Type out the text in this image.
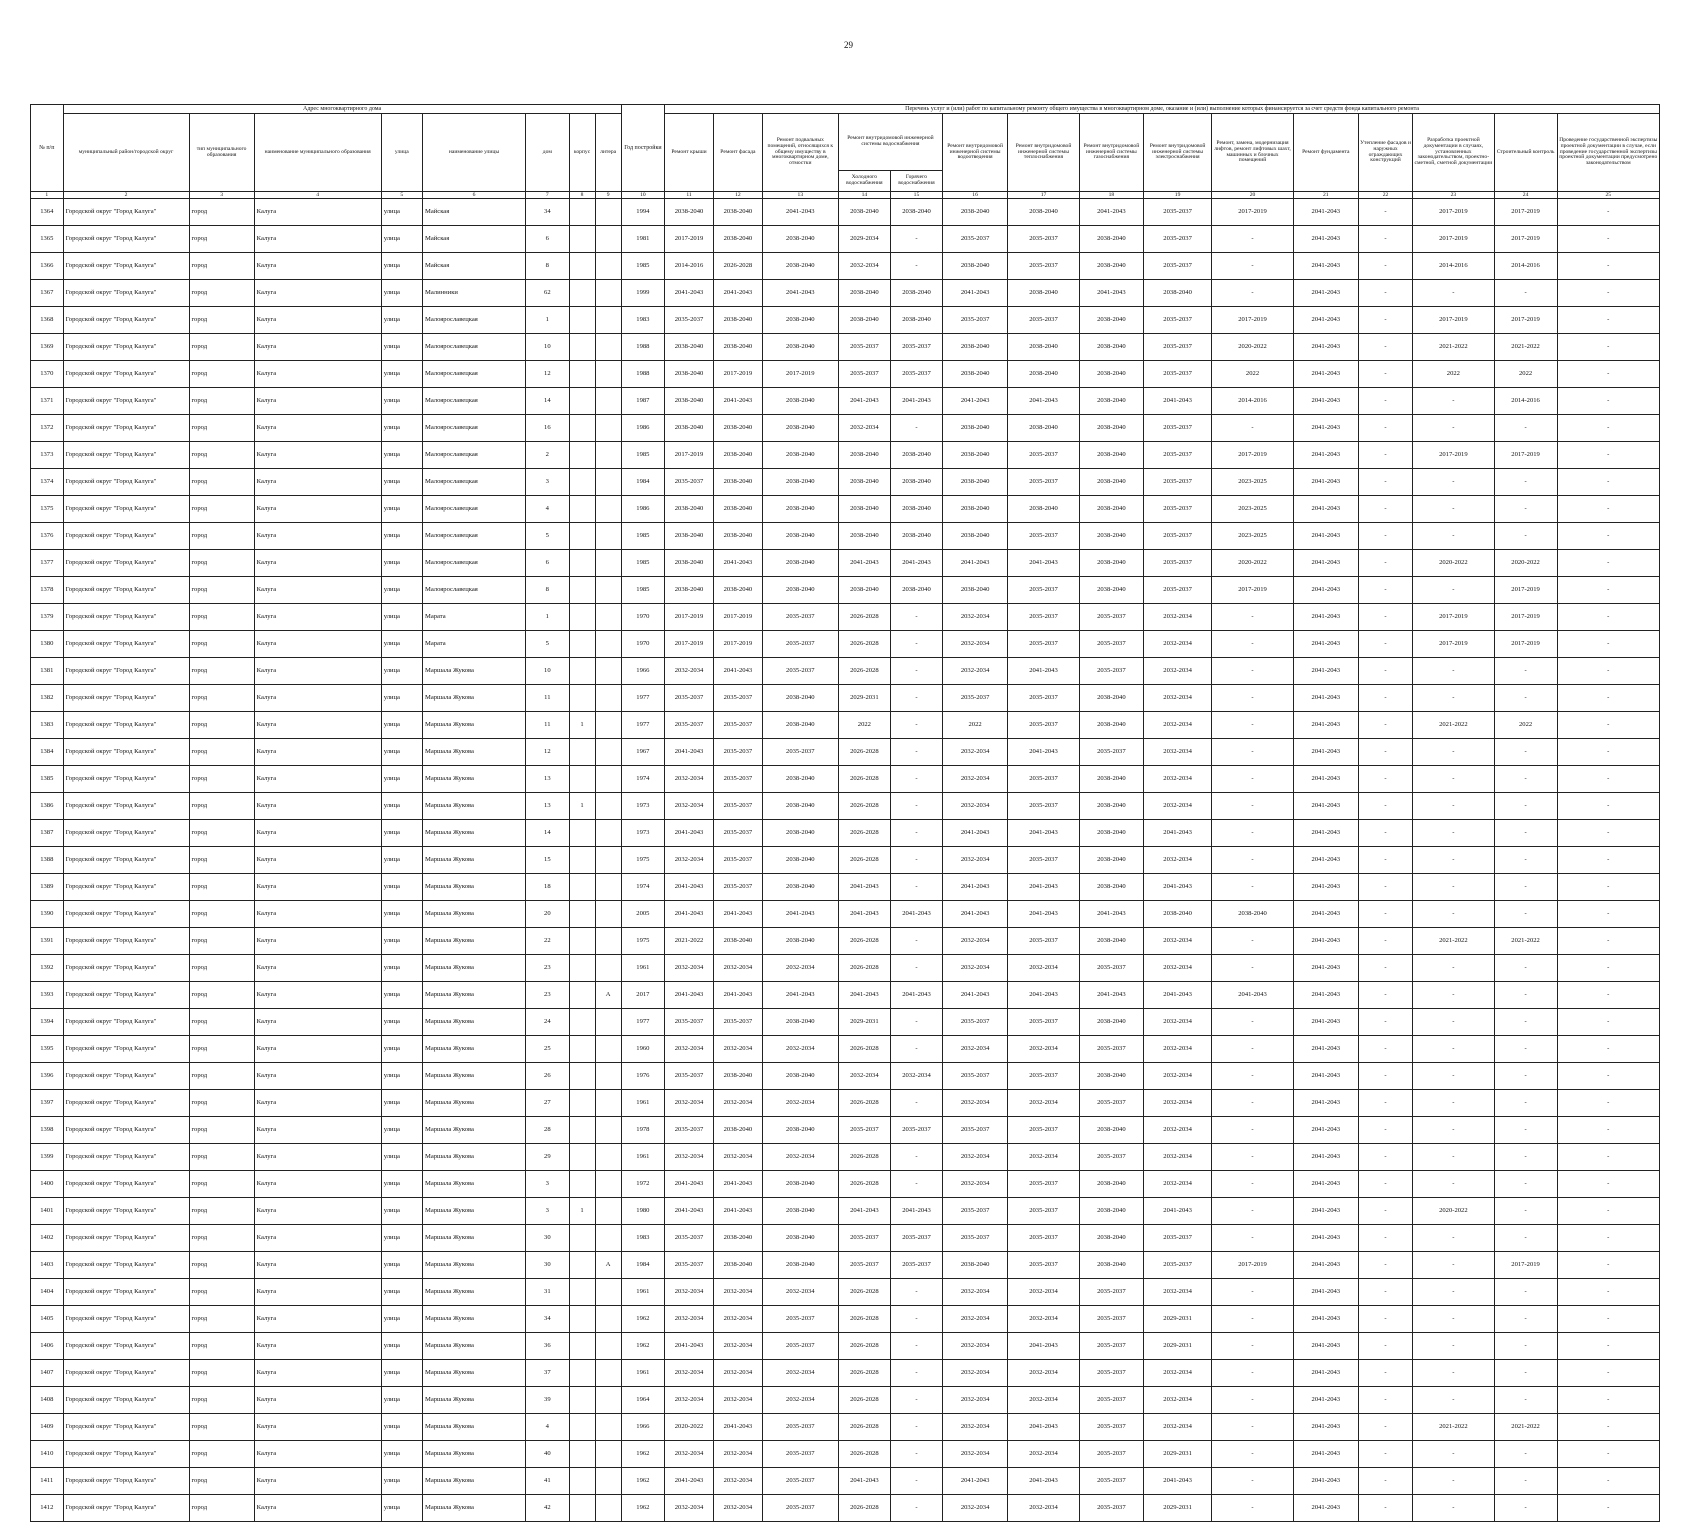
29
№ п/п	Адрес многоквартирного дома								Год постройки	Перечень услуг и (или) работ по капитальному ремонту общего имущества в многоквартирном доме, оказание и (или) выполнение которых финансируется за счет средств фонда капитального ремонта														
	муниципальный район/городской округ	тип муниципального образования	наименование муниципального образования	улица	наименование улицы	дом	корпус	литера		Ремонт крыши	Ремонт фасада	Ремонт подвальных помещений, относящихся к общему имуществу в многоквартирном доме, отмостки	Ремонт внутридомовой инженерной системы водоснабжения		Ремонт внутридомовой инженерной системы водоотведения	Ремонт внутридомовой инженерной системы теплоснабжения	Ремонт внутридомовой инженерной системы газоснабжения	Ремонт внутридомовой инженерной системы электроснабжения	Ремонт, замена, модернизация лифтов, ремонт лифтовых шахт, машинных и блочных помещений	Ремонт фундамента	Утепление фасадов и наружных ограждающих конструкций	Разработка проектной документации в случаях, установленных законодательством, проектно-сметной, сметной документации	Строительный контроль	Проведение государственной экспертизы проектной документации в случае, если проведение государственной экспертизы проектной документации предусмотрено законодательством
													Холодного водоснабжения	Горячего водоснабжения										
1	2	3	4	5	6	7	8	9	10	11	12	13	14	15	16	17	18	19	20	21	22	23	24	25
1364	Городской округ "Город Калуга"	город	Калуга	улица	Майская	34			1994	2038-2040	2038-2040	2041-2043	2038-2040	2038-2040	2038-2040	2038-2040	2041-2043	2035-2037	2017-2019	2041-2043	-	2017-2019	2017-2019	-
1365	Городской округ "Город Калуга"	город	Калуга	улица	Майская	6			1981	2017-2019	2038-2040	2038-2040	2029-2034	-	2035-2037	2035-2037	2038-2040	2035-2037	-	2041-2043	-	2017-2019	2017-2019	-
1366	Городской округ "Город Калуга"	город	Калуга	улица	Майская	8			1985	2014-2016	2026-2028	2038-2040	2032-2034	-	2038-2040	2035-2037	2038-2040	2035-2037	-	2041-2043	-	2014-2016	2014-2016	-
1367	Городской округ "Город Калуга"	город	Калуга	улица	Малинники	62			1999	2041-2043	2041-2043	2041-2043	2038-2040	2038-2040	2041-2043	2038-2040	2041-2043	2038-2040	-	2041-2043	-	-	-	-
1368	Городской округ "Город Калуга"	город	Калуга	улица	Малоярославецкая	1			1983	2035-2037	2038-2040	2038-2040	2038-2040	2038-2040	2035-2037	2035-2037	2038-2040	2035-2037	2017-2019	2041-2043	-	2017-2019	2017-2019	-
1369	Городской округ "Город Калуга"	город	Калуга	улица	Малоярославецкая	10			1988	2038-2040	2038-2040	2038-2040	2035-2037	2035-2037	2038-2040	2038-2040	2038-2040	2035-2037	2020-2022	2041-2043	-	2021-2022	2021-2022	-
1370	Городской округ "Город Калуга"	город	Калуга	улица	Малоярославецкая	12			1988	2038-2040	2017-2019	2017-2019	2035-2037	2035-2037	2038-2040	2038-2040	2038-2040	2035-2037	2022	2041-2043	-	2022	2022	-
1371	Городской округ "Город Калуга"	город	Калуга	улица	Малоярославецкая	14			1987	2038-2040	2041-2043	2038-2040	2041-2043	2041-2043	2041-2043	2041-2043	2038-2040	2041-2043	2014-2016	2041-2043	-	-	2014-2016	-
1372	Городской округ "Город Калуга"	город	Калуга	улица	Малоярославецкая	16			1986	2038-2040	2038-2040	2038-2040	2032-2034	-	2038-2040	2038-2040	2038-2040	2035-2037	-	2041-2043	-	-	-	-
1373	Городской округ "Город Калуга"	город	Калуга	улица	Малоярославецкая	2			1985	2017-2019	2038-2040	2038-2040	2038-2040	2038-2040	2038-2040	2035-2037	2038-2040	2035-2037	2017-2019	2041-2043	-	2017-2019	2017-2019	-
1374	Городской округ "Город Калуга"	город	Калуга	улица	Малоярославецкая	3			1984	2035-2037	2038-2040	2038-2040	2038-2040	2038-2040	2038-2040	2035-2037	2038-2040	2035-2037	2023-2025	2041-2043	-	-	-	-
1375	Городской округ "Город Калуга"	город	Калуга	улица	Малоярославецкая	4			1986	2038-2040	2038-2040	2038-2040	2038-2040	2038-2040	2038-2040	2038-2040	2038-2040	2035-2037	2023-2025	2041-2043	-	-	-	-
1376	Городской округ "Город Калуга"	город	Калуга	улица	Малоярославецкая	5			1985	2038-2040	2038-2040	2038-2040	2038-2040	2038-2040	2038-2040	2035-2037	2038-2040	2035-2037	2023-2025	2041-2043	-	-	-	-
1377	Городской округ "Город Калуга"	город	Калуга	улица	Малоярославецкая	6			1985	2038-2040	2041-2043	2038-2040	2041-2043	2041-2043	2041-2043	2041-2043	2038-2040	2035-2037	2020-2022	2041-2043	-	2020-2022	2020-2022	-
1378	Городской округ "Город Калуга"	город	Калуга	улица	Малоярославецкая	8			1985	2038-2040	2038-2040	2038-2040	2038-2040	2038-2040	2038-2040	2035-2037	2038-2040	2035-2037	2017-2019	2041-2043	-	-	2017-2019	-
1379	Городской округ "Город Калуга"	город	Калуга	улица	Марата	1			1970	2017-2019	2017-2019	2035-2037	2026-2028	-	2032-2034	2035-2037	2035-2037	2032-2034	-	2041-2043	-	2017-2019	2017-2019	-
1380	Городской округ "Город Калуга"	город	Калуга	улица	Марата	5			1970	2017-2019	2017-2019	2035-2037	2026-2028	-	2032-2034	2035-2037	2035-2037	2032-2034	-	2041-2043	-	2017-2019	2017-2019	-
1381	Городской округ "Город Калуга"	город	Калуга	улица	Маршала Жукова	10			1966	2032-2034	2041-2043	2035-2037	2026-2028	-	2032-2034	2041-2043	2035-2037	2032-2034	-	2041-2043	-	-	-	-
1382	Городской округ "Город Калуга"	город	Калуга	улица	Маршала Жукова	11			1977	2035-2037	2035-2037	2038-2040	2029-2031	-	2035-2037	2035-2037	2038-2040	2032-2034	-	2041-2043	-	-	-	-
1383	Городской округ "Город Калуга"	город	Калуга	улица	Маршала Жукова	11	1		1977	2035-2037	2035-2037	2038-2040	2022	-	2022	2035-2037	2038-2040	2032-2034	-	2041-2043	-	2021-2022	2022	-
1384	Городской округ "Город Калуга"	город	Калуга	улица	Маршала Жукова	12			1967	2041-2043	2035-2037	2035-2037	2026-2028	-	2032-2034	2041-2043	2035-2037	2032-2034	-	2041-2043	-	-	-	-
1385	Городской округ "Город Калуга"	город	Калуга	улица	Маршала Жукова	13			1974	2032-2034	2035-2037	2038-2040	2026-2028	-	2032-2034	2035-2037	2038-2040	2032-2034	-	2041-2043	-	-	-	-
1386	Городской округ "Город Калуга"	город	Калуга	улица	Маршала Жукова	13	1		1973	2032-2034	2035-2037	2038-2040	2026-2028	-	2032-2034	2035-2037	2038-2040	2032-2034	-	2041-2043	-	-	-	-
1387	Городской округ "Город Калуга"	город	Калуга	улица	Маршала Жукова	14			1973	2041-2043	2035-2037	2038-2040	2026-2028	-	2041-2043	2041-2043	2038-2040	2041-2043	-	2041-2043	-	-	-	-
1388	Городской округ "Город Калуга"	город	Калуга	улица	Маршала Жукова	15			1975	2032-2034	2035-2037	2038-2040	2026-2028	-	2032-2034	2035-2037	2038-2040	2032-2034	-	2041-2043	-	-	-	-
1389	Городской округ "Город Калуга"	город	Калуга	улица	Маршала Жукова	18			1974	2041-2043	2035-2037	2038-2040	2041-2043	-	2041-2043	2041-2043	2038-2040	2041-2043	-	2041-2043	-	-	-	-
1390	Городской округ "Город Калуга"	город	Калуга	улица	Маршала Жукова	20			2005	2041-2043	2041-2043	2041-2043	2041-2043	2041-2043	2041-2043	2041-2043	2041-2043	2038-2040	2038-2040	2041-2043	-	-	-	-
1391	Городской округ "Город Калуга"	город	Калуга	улица	Маршала Жукова	22			1975	2021-2022	2038-2040	2038-2040	2026-2028	-	2032-2034	2035-2037	2038-2040	2032-2034	-	2041-2043	-	2021-2022	2021-2022	-
1392	Городской округ "Город Калуга"	город	Калуга	улица	Маршала Жукова	23			1961	2032-2034	2032-2034	2032-2034	2026-2028	-	2032-2034	2032-2034	2035-2037	2032-2034	-	2041-2043	-	-	-	-
1393	Городской округ "Город Калуга"	город	Калуга	улица	Маршала Жукова	23		А	2017	2041-2043	2041-2043	2041-2043	2041-2043	2041-2043	2041-2043	2041-2043	2041-2043	2041-2043	2041-2043	2041-2043	-	-	-	-
1394	Городской округ "Город Калуга"	город	Калуга	улица	Маршала Жукова	24			1977	2035-2037	2035-2037	2038-2040	2029-2031	-	2035-2037	2035-2037	2038-2040	2032-2034	-	2041-2043	-	-	-	-
1395	Городской округ "Город Калуга"	город	Калуга	улица	Маршала Жукова	25			1960	2032-2034	2032-2034	2032-2034	2026-2028	-	2032-2034	2032-2034	2035-2037	2032-2034	-	2041-2043	-	-	-	-
1396	Городской округ "Город Калуга"	город	Калуга	улица	Маршала Жукова	26			1976	2035-2037	2038-2040	2038-2040	2032-2034	2032-2034	2035-2037	2035-2037	2038-2040	2032-2034	-	2041-2043	-	-	-	-
1397	Городской округ "Город Калуга"	город	Калуга	улица	Маршала Жукова	27			1961	2032-2034	2032-2034	2032-2034	2026-2028	-	2032-2034	2032-2034	2035-2037	2032-2034	-	2041-2043	-	-	-	-
1398	Городской округ "Город Калуга"	город	Калуга	улица	Маршала Жукова	28			1978	2035-2037	2038-2040	2038-2040	2035-2037	2035-2037	2035-2037	2035-2037	2038-2040	2032-2034	-	2041-2043	-	-	-	-
1399	Городской округ "Город Калуга"	город	Калуга	улица	Маршала Жукова	29			1961	2032-2034	2032-2034	2032-2034	2026-2028	-	2032-2034	2032-2034	2035-2037	2032-2034	-	2041-2043	-	-	-	-
1400	Городской округ "Город Калуга"	город	Калуга	улица	Маршала Жукова	3			1972	2041-2043	2041-2043	2038-2040	2026-2028	-	2032-2034	2035-2037	2038-2040	2032-2034	-	2041-2043	-	-	-	-
1401	Городской округ "Город Калуга"	город	Калуга	улица	Маршала Жукова	3	1		1980	2041-2043	2041-2043	2038-2040	2041-2043	2041-2043	2035-2037	2035-2037	2038-2040	2041-2043	-	2041-2043	-	2020-2022	-	-
1402	Городской округ "Город Калуга"	город	Калуга	улица	Маршала Жукова	30			1983	2035-2037	2038-2040	2038-2040	2035-2037	2035-2037	2035-2037	2035-2037	2038-2040	2035-2037	-	2041-2043	-	-	-	-
1403	Городской округ "Город Калуга"	город	Калуга	улица	Маршала Жукова	30		А	1984	2035-2037	2038-2040	2038-2040	2035-2037	2035-2037	2038-2040	2035-2037	2038-2040	2035-2037	2017-2019	2041-2043	-	-	2017-2019	-
1404	Городской округ "Город Калуга"	город	Калуга	улица	Маршала Жукова	31			1961	2032-2034	2032-2034	2032-2034	2026-2028	-	2032-2034	2032-2034	2035-2037	2032-2034	-	2041-2043	-	-	-	-
1405	Городской округ "Город Калуга"	город	Калуга	улица	Маршала Жукова	34			1962	2032-2034	2032-2034	2035-2037	2026-2028	-	2032-2034	2032-2034	2035-2037	2029-2031	-	2041-2043	-	-	-	-
1406	Городской округ "Город Калуга"	город	Калуга	улица	Маршала Жукова	36			1962	2041-2043	2032-2034	2035-2037	2026-2028	-	2032-2034	2041-2043	2035-2037	2029-2031	-	2041-2043	-	-	-	-
1407	Городской округ "Город Калуга"	город	Калуга	улица	Маршала Жукова	37			1961	2032-2034	2032-2034	2032-2034	2026-2028	-	2032-2034	2032-2034	2035-2037	2032-2034	-	2041-2043	-	-	-	-
1408	Городской округ "Город Калуга"	город	Калуга	улица	Маршала Жукова	39			1964	2032-2034	2032-2034	2032-2034	2026-2028	-	2032-2034	2032-2034	2035-2037	2032-2034	-	2041-2043	-	-	-	-
1409	Городской округ "Город Калуга"	город	Калуга	улица	Маршала Жукова	4			1966	2020-2022	2041-2043	2035-2037	2026-2028	-	2032-2034	2041-2043	2035-2037	2032-2034	-	2041-2043	-	2021-2022	2021-2022	-
1410	Городской округ "Город Калуга"	город	Калуга	улица	Маршала Жукова	40			1962	2032-2034	2032-2034	2035-2037	2026-2028	-	2032-2034	2032-2034	2035-2037	2029-2031	-	2041-2043	-	-	-	-
1411	Городской округ "Город Калуга"	город	Калуга	улица	Маршала Жукова	41			1962	2041-2043	2032-2034	2035-2037	2041-2043	-	2041-2043	2041-2043	2035-2037	2041-2043	-	2041-2043	-	-	-	-
1412	Городской округ "Город Калуга"	город	Калуга	улица	Маршала Жукова	42			1962	2032-2034	2032-2034	2035-2037	2026-2028	-	2032-2034	2032-2034	2035-2037	2029-2031	-	2041-2043	-	-	-	-
